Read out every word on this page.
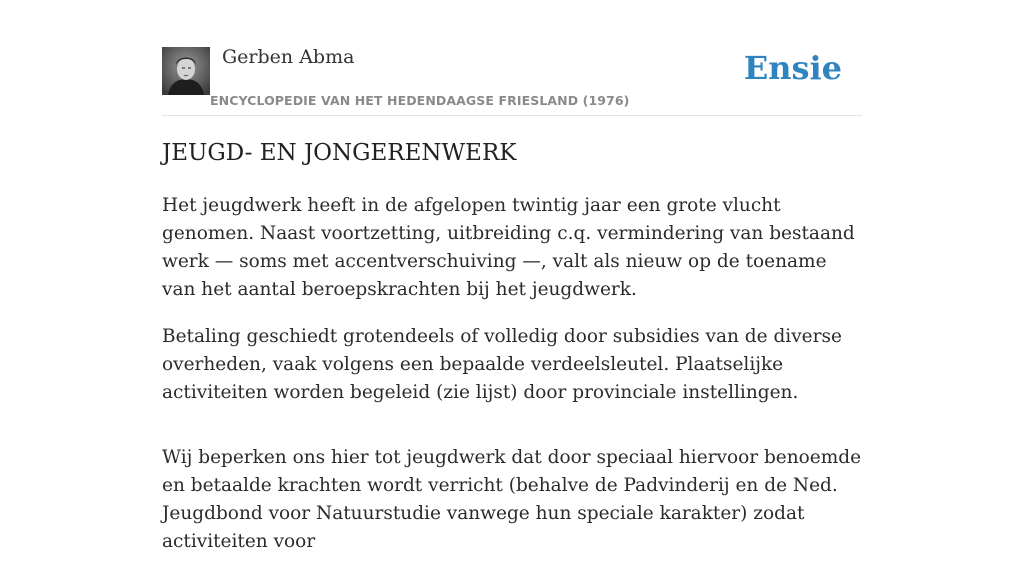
Gerben Abma
ENCYCLOPEDIE VAN HET HEDENDAAGSE FRIESLAND (1976)
Ensie
JEUGD- EN JONGERENWERK

Het jeugdwerk heeft in de afgelopen twintig jaar een grote vlucht genomen. Naast voortzetting, uitbreiding c.q. vermindering van bestaand werk — soms met accentverschuiving —, valt als nieuw op de toename van het aantal beroepskrachten bij het jeugdwerk.

Betaling geschiedt grotendeels of volledig door subsidies van de diverse overheden, vaak volgens een bepaalde verdeelsleutel. Plaatselijke activiteiten worden begeleid (zie lijst) door provinciale instellingen.

Wij beperken ons hier tot jeugdwerk dat door speciaal hiervoor benoemde en betaalde krachten wordt verricht (behalve de Padvinderij en de Ned. Jeugdbond voor Natuurstudie vanwege hun speciale karakter) zodat activiteiten voor
